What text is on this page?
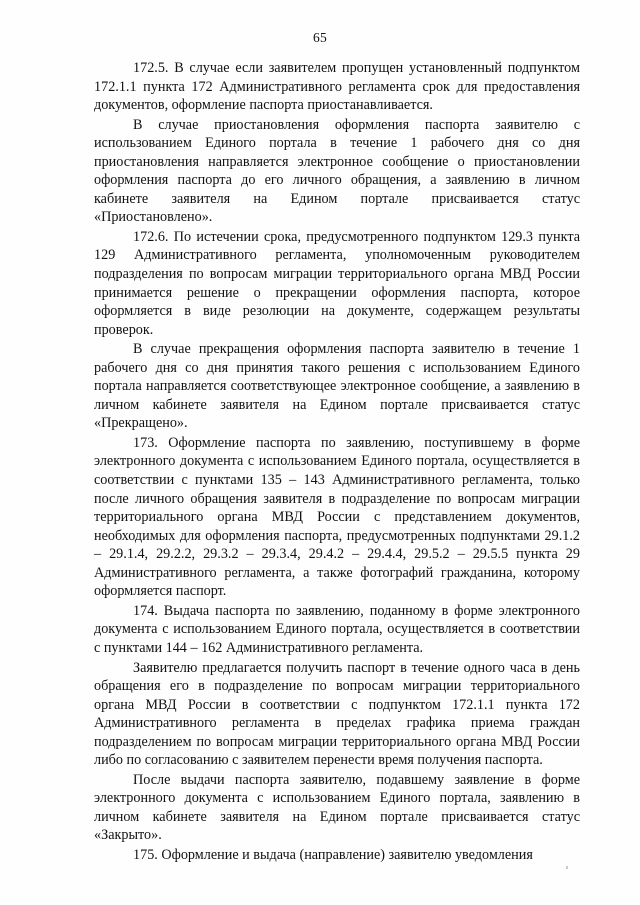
65

172.5. В случае если заявителем пропущен установленный подпунктом 172.1.1 пункта 172 Административного регламента срок для предоставления документов, оформление паспорта приостанавливается.

В случае приостановления оформления паспорта заявителю с использованием Единого портала в течение 1 рабочего дня со дня приостановления направляется электронное сообщение о приостановлении оформления паспорта до его личного обращения, а заявлению в личном кабинете заявителя на Едином портале присваивается статус «Приостановлено».

172.6. По истечении срока, предусмотренного подпунктом 129.3 пункта 129 Административного регламента, уполномоченным руководителем подразделения по вопросам миграции территориального органа МВД России принимается решение о прекращении оформления паспорта, которое оформляется в виде резолюции на документе, содержащем результаты проверок.

В случае прекращения оформления паспорта заявителю в течение 1 рабочего дня со дня принятия такого решения с использованием Единого портала направляется соответствующее электронное сообщение, а заявлению в личном кабинете заявителя на Едином портале присваивается статус «Прекращено».

173. Оформление паспорта по заявлению, поступившему в форме электронного документа с использованием Единого портала, осуществляется в соответствии с пунктами 135 – 143 Административного регламента, только после личного обращения заявителя в подразделение по вопросам миграции территориального органа МВД России с представлением документов, необходимых для оформления паспорта, предусмотренных подпунктами 29.1.2 – 29.1.4, 29.2.2, 29.3.2 – 29.3.4, 29.4.2 – 29.4.4, 29.5.2 – 29.5.5 пункта 29 Административного регламента, а также фотографий гражданина, которому оформляется паспорт.

174. Выдача паспорта по заявлению, поданному в форме электронного документа с использованием Единого портала, осуществляется в соответствии с пунктами 144 – 162 Административного регламента.

Заявителю предлагается получить паспорт в течение одного часа в день обращения его в подразделение по вопросам миграции территориального органа МВД России в соответствии с подпунктом 172.1.1 пункта 172 Административного регламента в пределах графика приема граждан подразделением по вопросам миграции территориального органа МВД России либо по согласованию с заявителем перенести время получения паспорта.

После выдачи паспорта заявителю, подавшему заявление в форме электронного документа с использованием Единого портала, заявлению в личном кабинете заявителя на Едином портале присваивается статус «Закрыто».

175. Оформление и выдача (направление) заявителю уведомления
